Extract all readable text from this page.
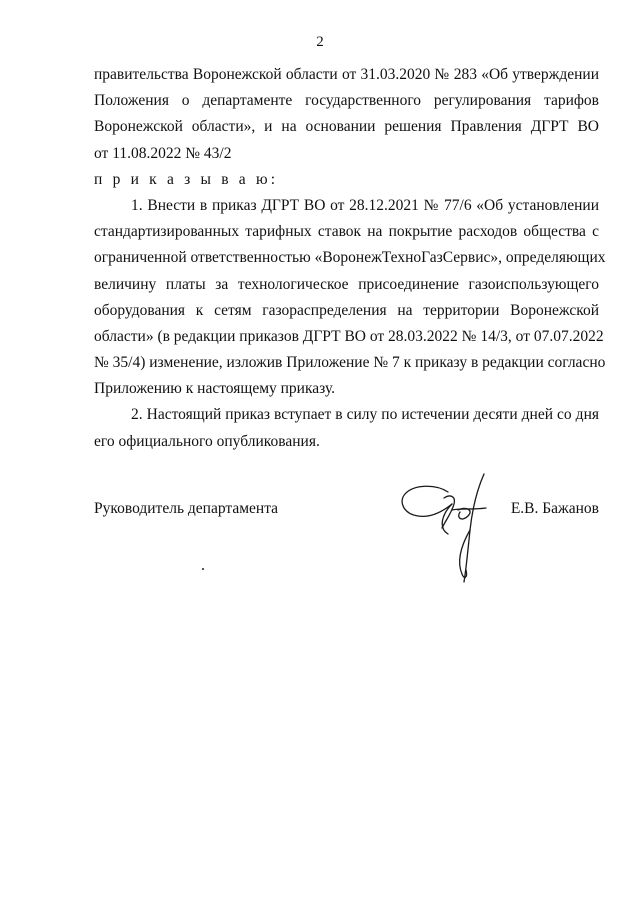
2
правительства Воронежской области от 31.03.2020 № 283 «Об утверждении
Положения о департаменте государственного регулирования тарифов
Воронежской области», и на основании решения Правления ДГРТ ВО
от 11.08.2022 № 43/2
п р и к а з ы в а ю:
1. Внести в приказ ДГРТ ВО от 28.12.2021 № 77/6 «Об установлении
стандартизированных тарифных ставок на покрытие расходов общества с
ограниченной ответственностью «ВоронежТехноГазСервис», определяющих
величину платы за технологическое присоединение газоиспользующего
оборудования к сетям газораспределения на территории Воронежской
области» (в редакции приказов ДГРТ ВО от 28.03.2022 № 14/3, от 07.07.2022
№ 35/4) изменение, изложив Приложение № 7 к приказу в редакции согласно
Приложению к настоящему приказу.
2. Настоящий приказ вступает в силу по истечении десяти дней со дня
его официального опубликования.
Руководитель департамента	Е.В. Бажанов
